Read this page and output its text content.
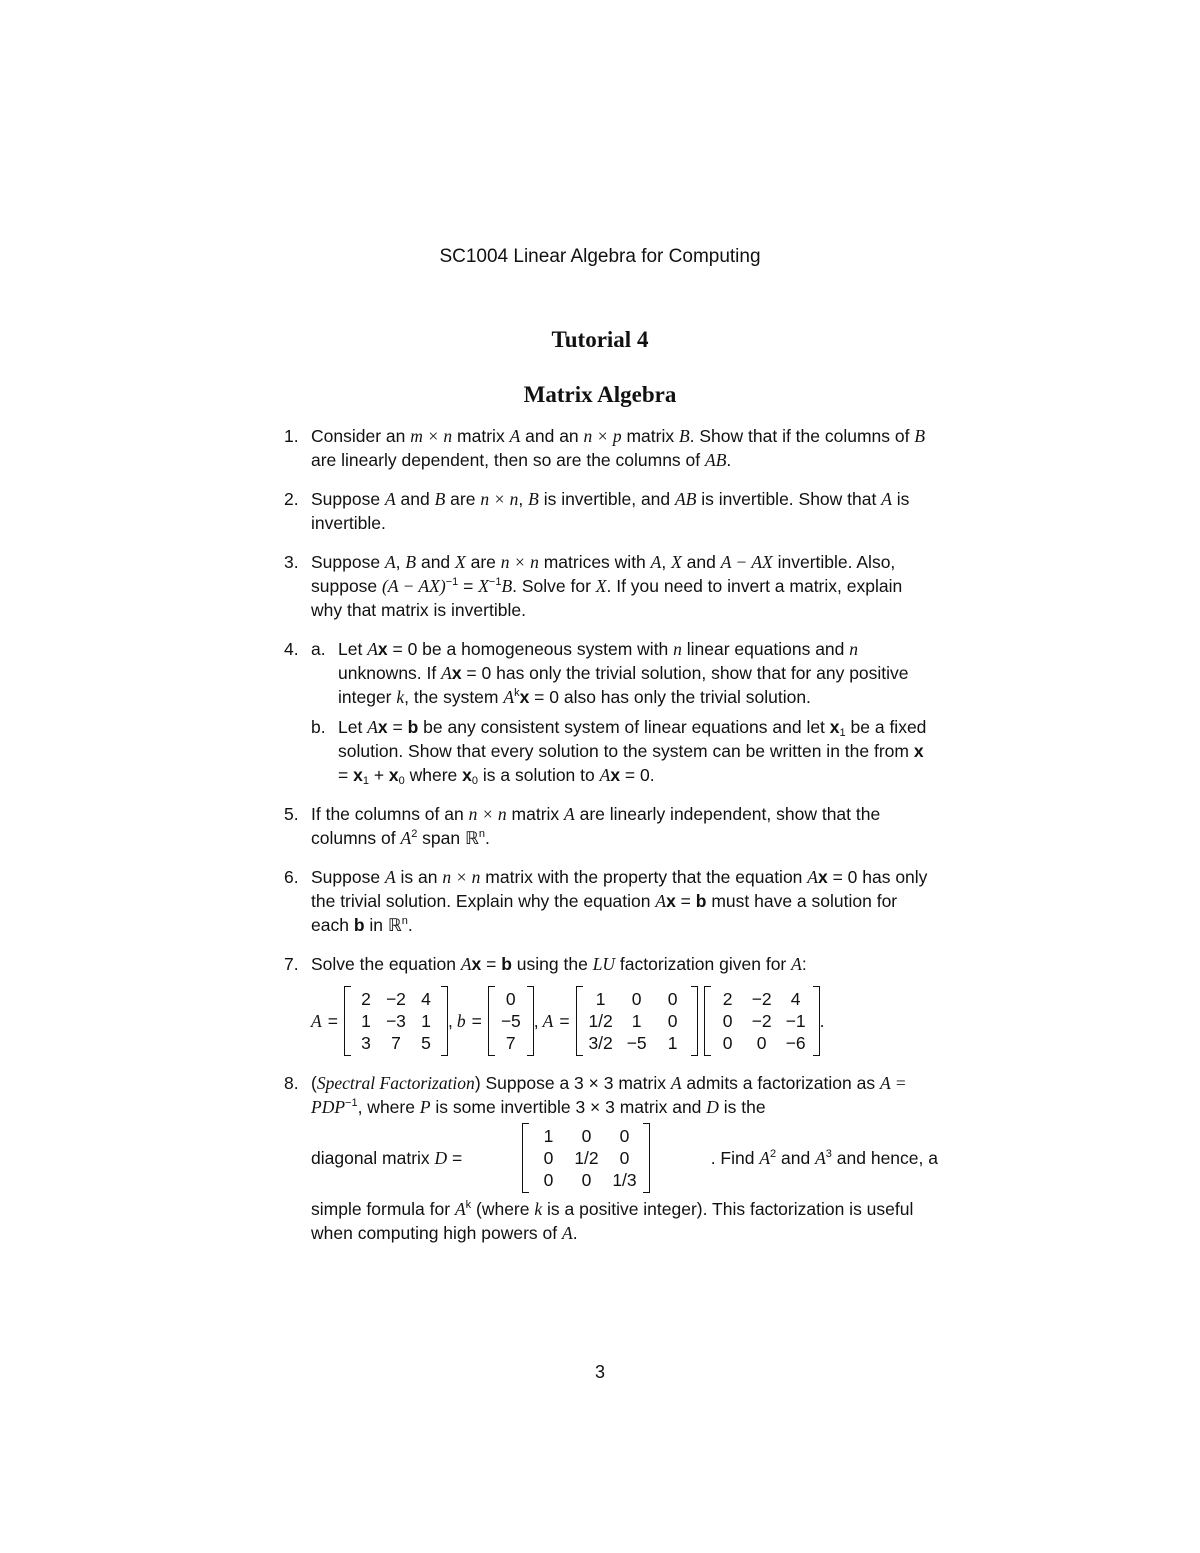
SC1004 Linear Algebra for Computing
Tutorial 4
Matrix Algebra
1. Consider an m × n matrix A and an n × p matrix B. Show that if the columns of B are linearly dependent, then so are the columns of AB.
2. Suppose A and B are n × n, B is invertible, and AB is invertible. Show that A is invertible.
3. Suppose A, B and X are n × n matrices with A, X and A − AX invertible. Also, suppose $(A - AX)^{-1} = X^{-1}B$. Solve for X. If you need to invert a matrix, explain why that matrix is invertible.
4. a. Let Ax = 0 be a homogeneous system with n linear equations and n unknowns. If Ax = 0 has only the trivial solution, show that for any positive integer k, the system $A^kx = 0$ also has only the trivial solution.
b. Let Ax = b be any consistent system of linear equations and let $x_1$ be a fixed solution. Show that every solution to the system can be written in the from $x = x_1 + x_0$ where $x_0$ is a solution to Ax = 0.
5. If the columns of an n × n matrix A are linearly independent, show that the columns of $A^2$ span ℝ$^n$.
6. Suppose A is an n × n matrix with the property that the equation Ax = 0 has only the trivial solution. Explain why the equation Ax = b must have a solution for each b in ℝ$^n$.
7. Solve the equation Ax = b using the LU factorization given for A:
A =
2 −2 4
1 −3 1
3	7	5
, b =
0
−5
7
, A =
1	0	0
1/2	1	0
3/2 −5	1
2	−2	4
0	−2 −1
0	0	−6
.
8. (Spectral Factorization) Suppose a 3 × 3 matrix A admits a factorization as $A = PDP^{-1}$, where P is some invertible 3 × 3 matrix and D is the
diagonal matrix D =
1	0	0
0	1/2	0
0	0	1/3
. Find $A^2$ and $A^3$ and hence, a
simple formula for $A^k$ (where k is a positive integer). This factorization is useful when computing high powers of A.
3
